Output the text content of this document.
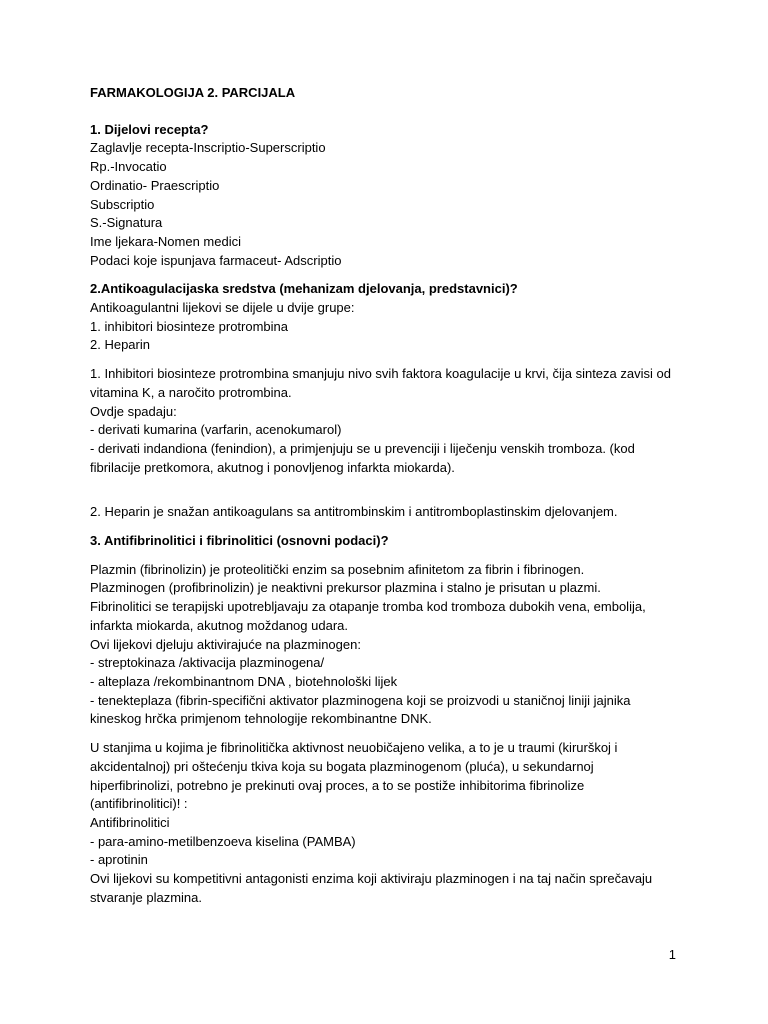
FARMAKOLOGIJA 2. PARCIJALA

1. Dijelovi recepta?

Zaglavlje recepta-Inscriptio-Superscriptio

Rp.-Invocatio

Ordinatio- Praescriptio

Subscriptio

S.-Signatura

Ime ljekara-Nomen medici

Podaci koje ispunjava farmaceut- Adscriptio

2.Antikoagulacijaska sredstva (mehanizam djelovanja, predstavnici)?

Antikoagulantni lijekovi se dijele u dvije grupe:

1. inhibitori biosinteze protrombina

2. Heparin

1. Inhibitori biosinteze protrombina smanjuju nivo svih faktora koagulacije u krvi, čija sinteza zavisi od

vitamina K, a naročito protrombina.

Ovdje spadaju:

- derivati kumarina (varfarin, acenokumarol)

- derivati indandiona (fenindion), a primjenjuju se u prevenciji i liječenju venskih tromboza. (kod

fibrilacije pretkomora, akutnog i ponovljenog infarkta miokarda).

2. Heparin je snažan antikoagulans sa antitrombinskim i antitromboplastinskim djelovanjem.

3. Antifibrinolitici i fibrinolitici (osnovni podaci)?

Plazmin (fibrinolizin) je proteolitički enzim sa posebnim afinitetom za fibrin i fibrinogen.

Plazminogen (profibrinolizin) je neaktivni prekursor plazmina i stalno je prisutan u plazmi.

Fibrinolitici se terapijski upotrebljavaju za otapanje tromba kod tromboza dubokih vena, embolija,

infarkta miokarda, akutnog moždanog udara.

Ovi lijekovi djeluju aktivirajuće na plazminogen:

- streptokinaza /aktivacija plazminogena/

- alteplaza /rekombinantnom DNA , biotehnološki lijek

- tenekteplaza (fibrin-specifični aktivator plazminogena koji se proizvodi u staničnoj liniji jajnika

kineskog hrčka primjenom tehnologije rekombinantne DNK.

U stanjima u kojima je fibrinolitička aktivnost neuobičajeno velika, a to je u traumi (kirurškoj i

akcidentalnoj) pri oštećenju tkiva koja su bogata plazminogenom (pluća), u sekundarnoj

hiperfibrinolizi, potrebno je prekinuti ovaj proces, a to se postiže inhibitorima fibrinolize

(antifibrinolitici)! :

Antifibrinolitici

- para-amino-metilbenzoeva kiselina (PAMBA)

- aprotinin

Ovi lijekovi su kompetitivni antagonisti enzima koji aktiviraju plazminogen i na taj način sprečavaju

stvaranje plazmina.

1
